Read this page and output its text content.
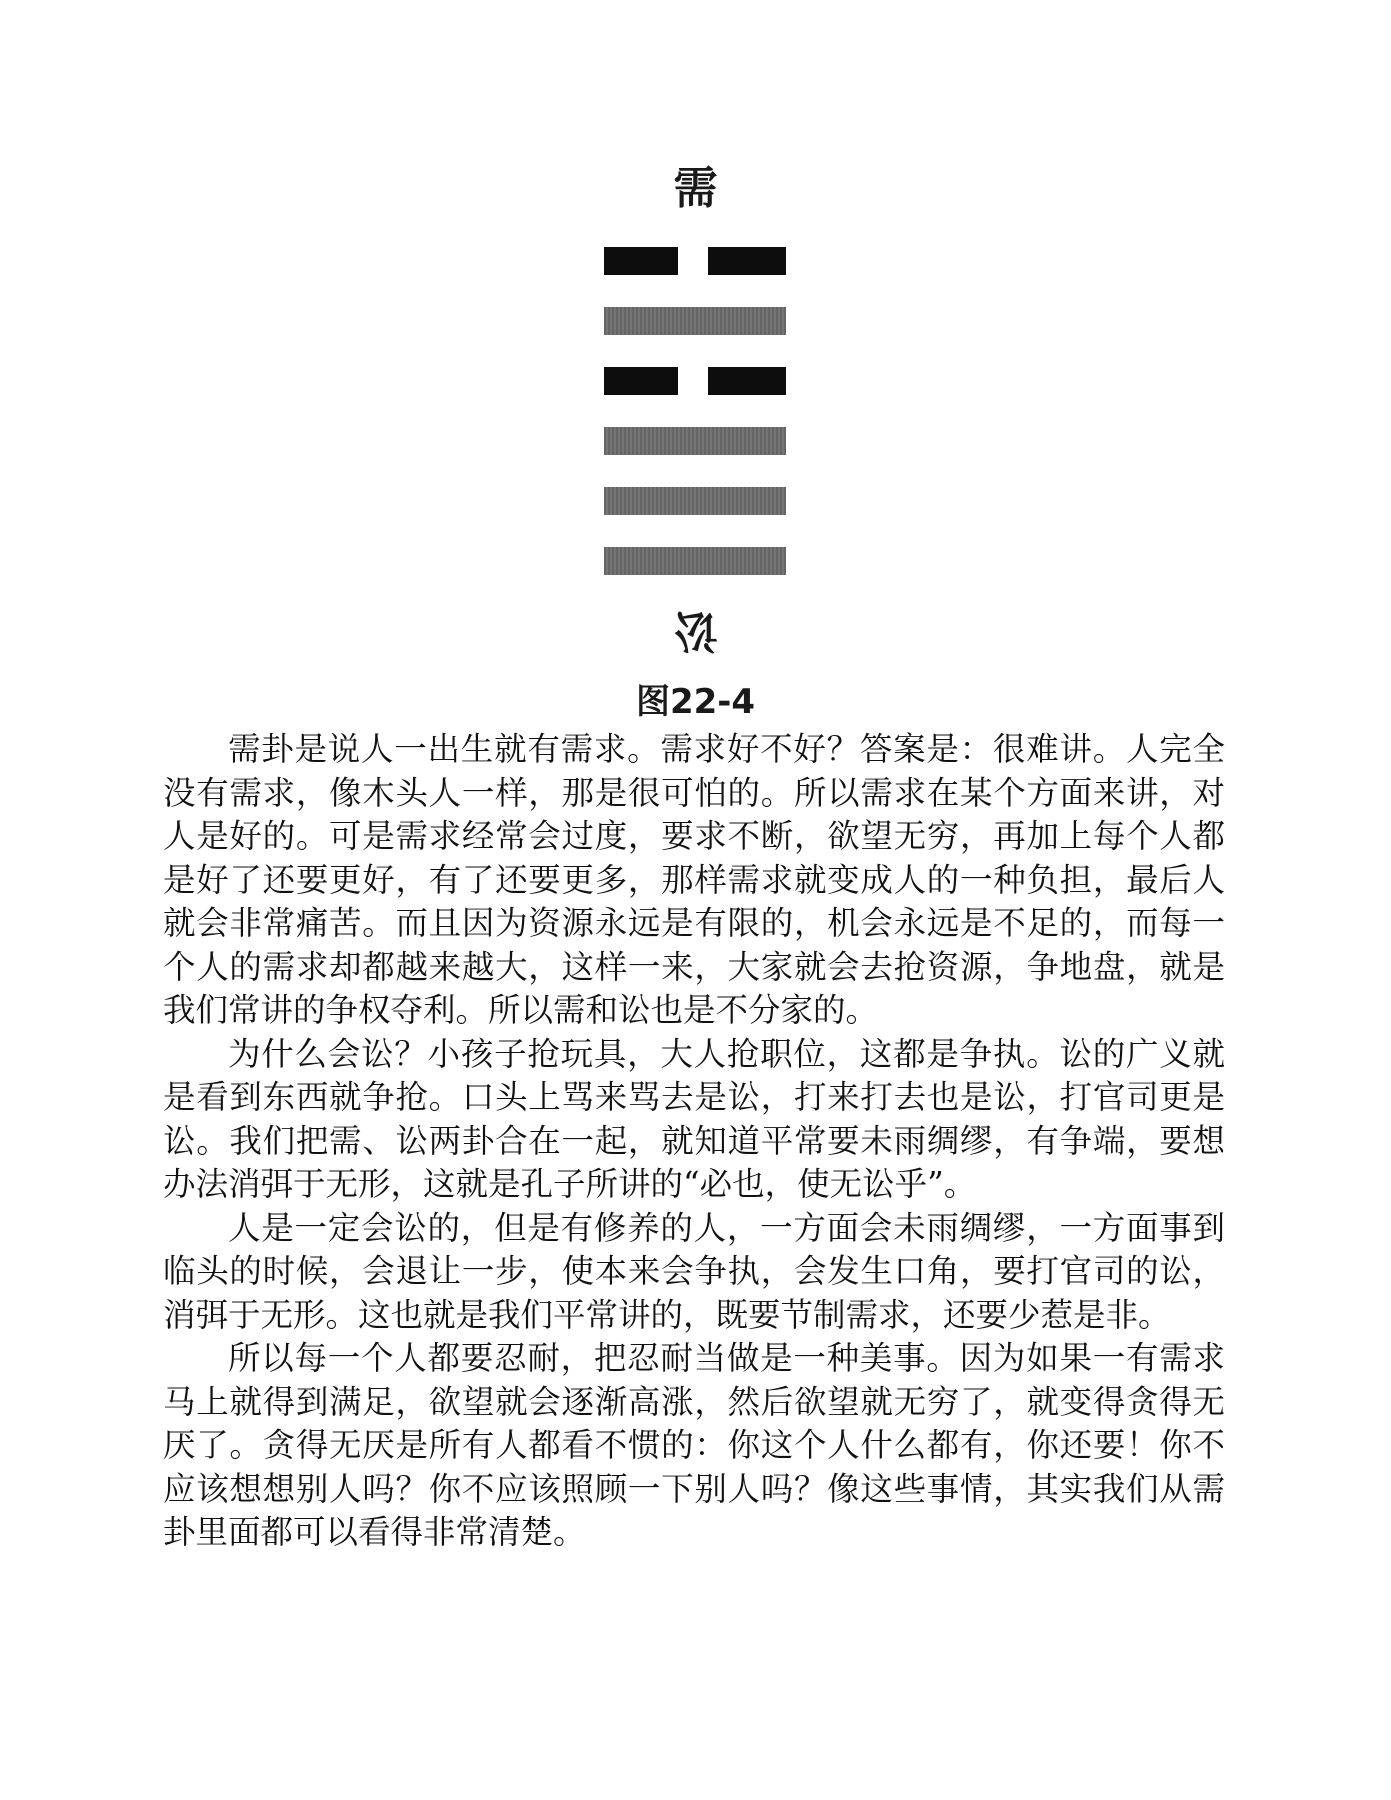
需
讼
图22-4

需卦是说人一出生就有需求。需求好不好？答案是：很难讲。人完全没有需求，像木头人一样，那是很可怕的。所以需求在某个方面来讲，对人是好的。可是需求经常会过度，要求不断，欲望无穷，再加上每个人都是好了还要更好，有了还要更多，那样需求就变成人的一种负担，最后人就会非常痛苦。而且因为资源永远是有限的，机会永远是不足的，而每一个人的需求却都越来越大，这样一来，大家就会去抢资源，争地盘，就是我们常讲的争权夺利。所以需和讼也是不分家的。

为什么会讼？小孩子抢玩具，大人抢职位，这都是争执。讼的广义就是看到东西就争抢。口头上骂来骂去是讼，打来打去也是讼，打官司更是讼。我们把需、讼两卦合在一起，就知道平常要未雨绸缪，有争端，要想办法消弭于无形，这就是孔子所讲的“必也，使无讼乎”。

人是一定会讼的，但是有修养的人，一方面会未雨绸缪，一方面事到临头的时候，会退让一步，使本来会争执，会发生口角，要打官司的讼，消弭于无形。这也就是我们平常讲的，既要节制需求，还要少惹是非。

所以每一个人都要忍耐，把忍耐当做是一种美事。因为如果一有需求马上就得到满足，欲望就会逐渐高涨，然后欲望就无穷了，就变得贪得无厌了。贪得无厌是所有人都看不惯的：你这个人什么都有，你还要！你不应该想想别人吗？你不应该照顾一下别人吗？像这些事情，其实我们从需卦里面都可以看得非常清楚。
